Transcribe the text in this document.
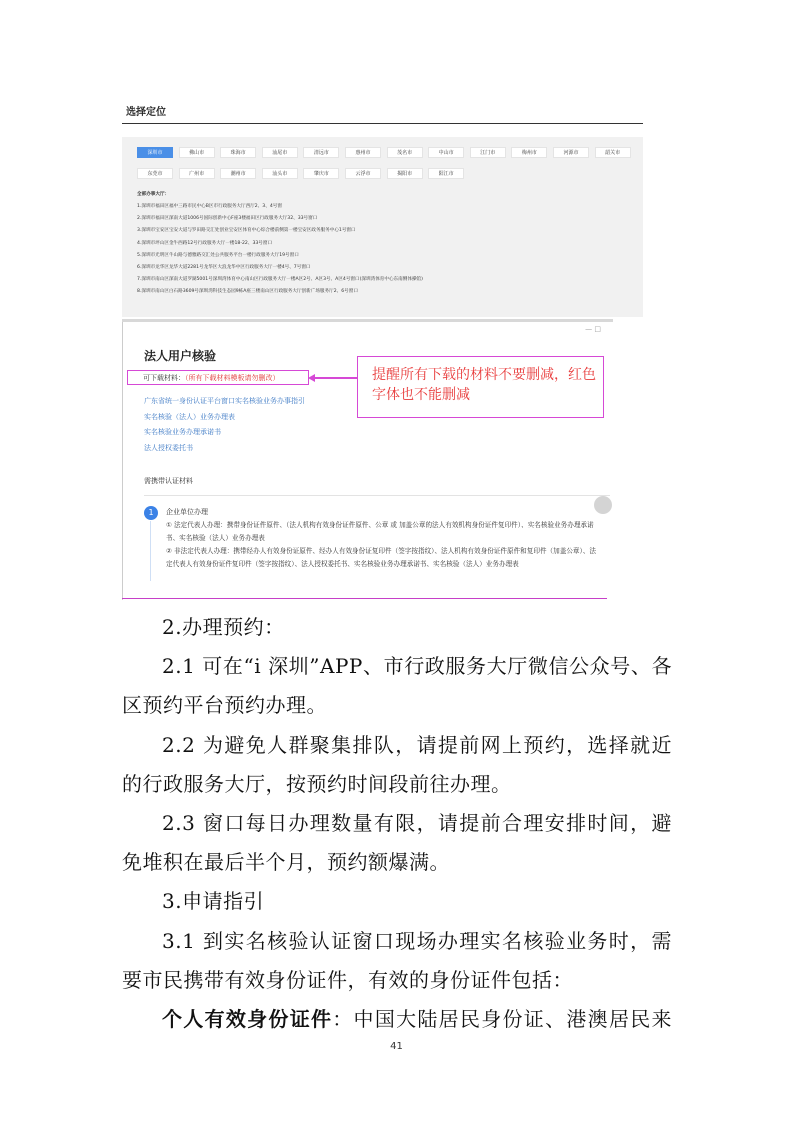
选择定位
深圳市	佛山市	珠海市	汕尾市	清远市	惠州市	茂名市	中山市	江门市	梅州市	河源市	韶关市
东莞市	广州市	潮州市	汕头市	肇庆市	云浮市	揭阳市	阳江市
全部办事大厅：
1.深圳市福田区福中三路市民中心B区市行政服务大厅西厅2、3、4号窗
2.深圳市福田区深南大道1006号国际创新中心F座3楼福田区行政服务大厅32、33号窗口
3.深圳市宝安区宝安大道与罗田路交汇处创业宝安区体育中心综合楼前侧第一楼宝安区政务服务中心1号窗口
4.深圳市坪山区金牛西路12号行政服务大厅一楼18-22、33号窗口
5.深圳市光明区牛山路与德雅路交汇处公共服务平台一楼行政服务大厅19号窗口
6.深圳市龙华区龙华大道2281号龙华区大浪龙华中区行政服务大厅一楼4号、7号窗口
7.深圳市南山区深南大道罗湖5001号深圳湾体育中心南山区行政服务大厅一楼A区2号、A区3号、A区4号窗口(深圳湾体育中心东南侧体操馆)
8.深圳市南山区白石路3609号深圳湾科技生态园9栋A座三楼南山区行政服务大厅创新广场服务厅2、6号窗口
— □
法人用户核验
可下载材料：（所有下载材料模板请勿删改）	提醒所有下载的材料不要删减，红色字体也不能删减
广东省统一身份认证平台窗口实名核验业务办事指引
实名核验（法人）业务办理表
实名核验业务办理承诺书
法人授权委托书
需携带认证材料
1	企业单位办理
① 法定代表人办理：携带身份证件原件、（法人机构有效身份证件原件、公章 或 加盖公章的法人有效机构身份证件复印件）、实名核验业务办理承诺书、实名核验（法人）业务办理表
② 非法定代表人办理：携带经办人有效身份证原件、经办人有效身份证复印件（签字按指纹）、法人机构有效身份证件原件和复印件（加盖公章）、法定代表人有效身份证件复印件（签字按指纹）、法人授权委托书、实名核验业务办理承诺书、实名核验（法人）业务办理表

2.办理预约：

2.1 可在“i 深圳”APP、市行政服务大厅微信公众号、各区预约平台预约办理。

2.2 为避免人群聚集排队，请提前网上预约，选择就近的行政服务大厅，按预约时间段前往办理。

2.3 窗口每日办理数量有限，请提前合理安排时间，避免堆积在最后半个月，预约额爆满。

3.申请指引

3.1 到实名核验认证窗口现场办理实名核验业务时，需要市民携带有效身份证件，有效的身份证件包括：

个人有效身份证件：中国大陆居民身份证、港澳居民来

41
